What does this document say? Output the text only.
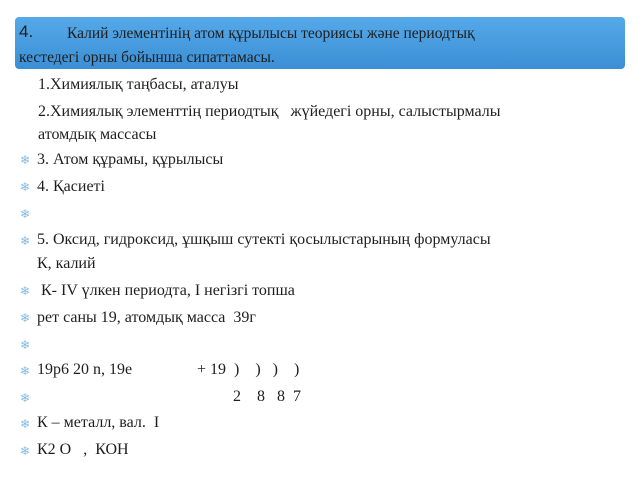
4. Калий элементінің атом құрылысы теориясы және периодтық
кестедегі орны бойынша сипаттамасы.
1.Химиялық таңбасы, аталуы
2.Химиялық элементтің периодтық   жүйедегі орны, салыстырмалы
атомдық массасы
❄ 3. Атом құрамы, құрылысы
❄ 4. Қасиеті
❄
❄ 5. Оксид, гидроксид, ұшқыш сутекті қосылыстарының формуласы
К, калий
❄ К- IV үлкен периодта, I негізгі топша
❄ рет саны 19, атомдық масса  39г
❄
❄ 19р6 20 n, 19е	+ 19  )    )   )    )
❄	2    8   8  7
❄ К – металл, вал.  I
❄ К2 О   ,  КОН
